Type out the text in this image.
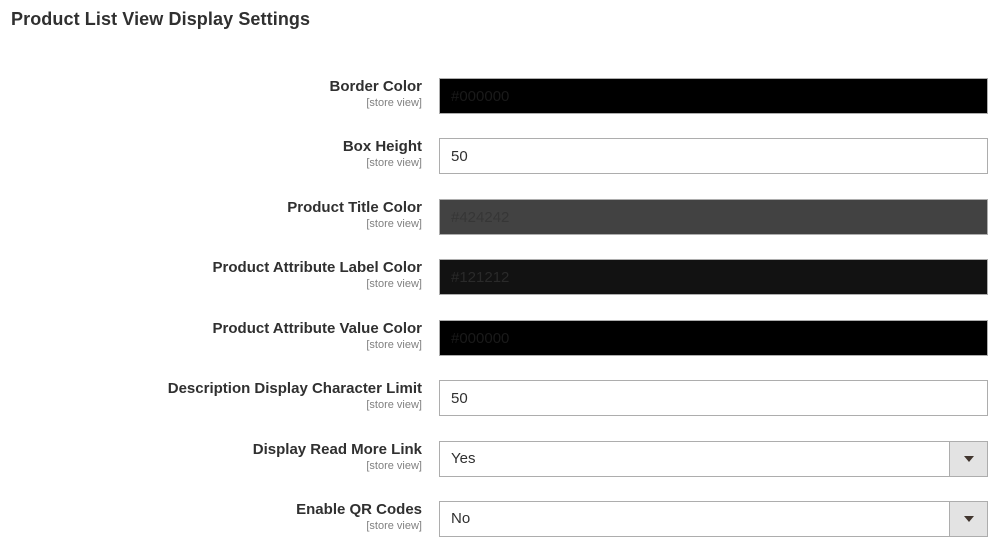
Product List View Display Settings
Border Color
[store view]
#000000
Box Height
[store view]
50
Product Title Color
[store view]
#424242
Product Attribute Label Color
[store view]
#121212
Product Attribute Value Color
[store view]
#000000
Description Display Character Limit
[store view]
50
Display Read More Link
[store view] Yes
Enable QR Codes
[store view] No
